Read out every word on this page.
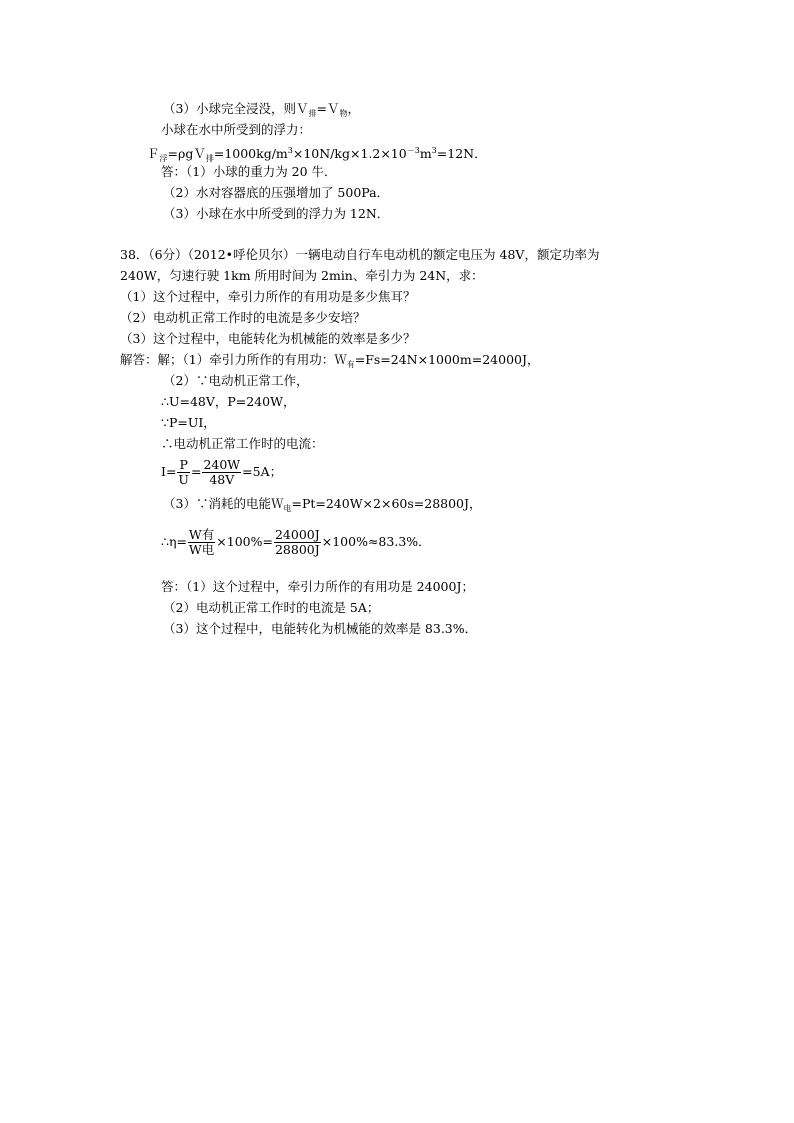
（3）小球完全浸没，则Ｖ$_排$=Ｖ$_物$，
小球在水中所受到的浮力：
$F_浮=\rho gV_排=1000kg/m^3\times 10N/kg\times 1.2\times 10^{-3}m^3=12N$．
答：（1）小球的重力为 20 牛．
（2）水对容器底的压强增加了 500Pa．
（3）小球在水中所受到的浮力为 12N．
38．（6分）（2012•呼伦贝尔）一辆电动自行车电动机的额定电压为 48V，额定功率为
240W，匀速行驶 1km 所用时间为 2min、牵引力为 24N，求：
（1）这个过程中，牵引力所作的有用功是多少焦耳？
（2）电动机正常工作时的电流是多少安培？
（3）这个过程中，电能转化为机械能的效率是多少？
解答：解；（1）牵引力所作的有用功：Ｗ$_有$=Fs=24N×1000m=24000J，
（2）∵电动机正常工作，
∴U=48V，P=240W，
∵P=UI，
∴电动机正常工作时的电流：
$I= \frac{P}{U} = \frac{240W}{48V} =5A$；
（3）∵消耗的电能Ｗ$_电$=Pt=240W×2×60s=28800J，
∴η= $\frac{\text{W有}}{\text{W电}} \times 100\%= \frac{24000J}{28800J} \times 100\%\approx 83.3\%$．
答：（1）这个过程中，牵引力所作的有用功是 24000J；
（2）电动机正常工作时的电流是 5A；
（3）这个过程中，电能转化为机械能的效率是 83.3%．
